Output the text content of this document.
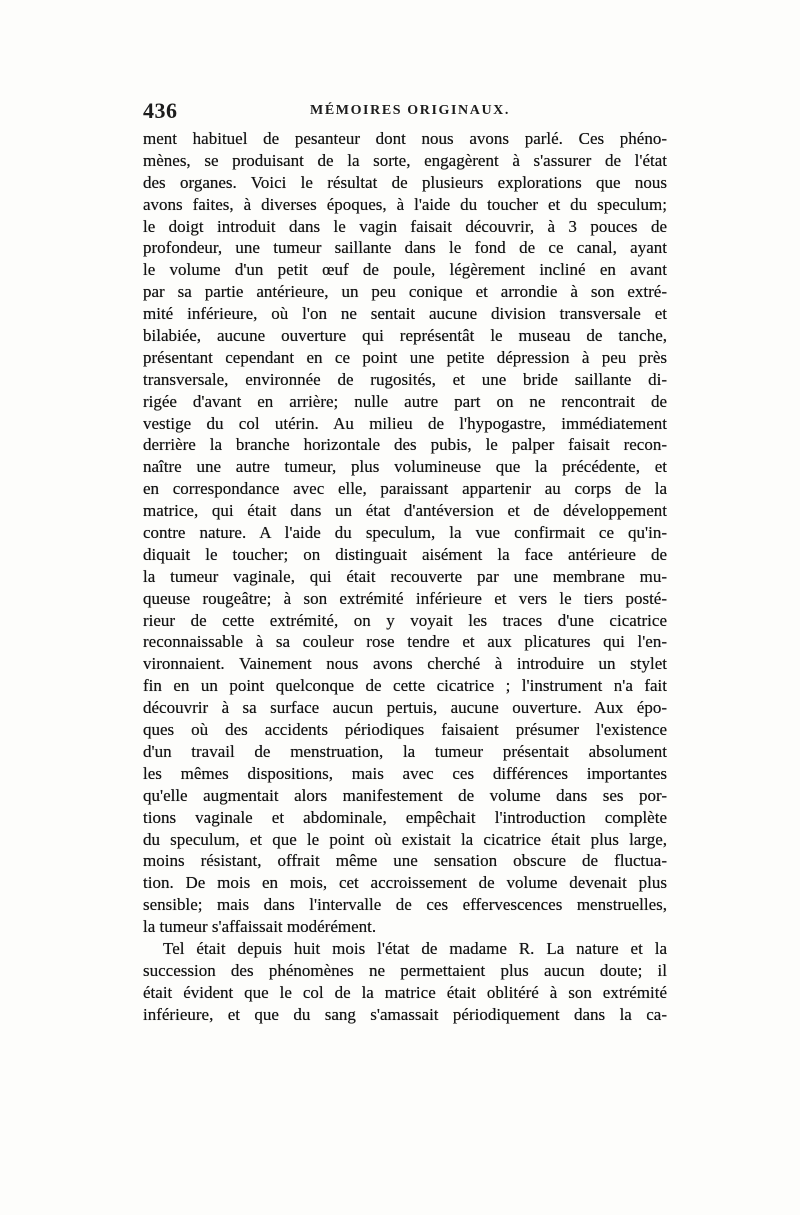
436	MÉMOIRES ORIGINAUX.
ment habituel de pesanteur dont nous avons parlé. Ces phéno-
mènes, se produisant de la sorte, engagèrent à s'assurer de l'état
des organes. Voici le résultat de plusieurs explorations que nous
avons faites, à diverses époques, à l'aide du toucher et du speculum;
le doigt introduit dans le vagin faisait découvrir, à 3 pouces de
profondeur, une tumeur saillante dans le fond de ce canal, ayant
le volume d'un petit œuf de poule, légèrement incliné en avant
par sa partie antérieure, un peu conique et arrondie à son extré-
mité inférieure, où l'on ne sentait aucune division transversale et
bilabiée, aucune ouverture qui représentât le museau de tanche,
présentant cependant en ce point une petite dépression à peu près
transversale, environnée de rugosités, et une bride saillante di-
rigée d'avant en arrière; nulle autre part on ne rencontrait de
vestige du col utérin. Au milieu de l'hypogastre, immédiatement
derrière la branche horizontale des pubis, le palper faisait recon-
naître une autre tumeur, plus volumineuse que la précédente, et
en correspondance avec elle, paraissant appartenir au corps de la
matrice, qui était dans un état d'antéversion et de développement
contre nature. A l'aide du speculum, la vue confirmait ce qu'in-
diquait le toucher; on distinguait aisément la face antérieure de
la tumeur vaginale, qui était recouverte par une membrane mu-
queuse rougeâtre; à son extrémité inférieure et vers le tiers posté-
rieur de cette extrémité, on y voyait les traces d'une cicatrice
reconnaissable à sa couleur rose tendre et aux plicatures qui l'en-
vironnaient. Vainement nous avons cherché à introduire un stylet
fin en un point quelconque de cette cicatrice ; l'instrument n'a fait
découvrir à sa surface aucun pertuis, aucune ouverture. Aux épo-
ques où des accidents périodiques faisaient présumer l'existence
d'un travail de menstruation, la tumeur présentait absolument
les mêmes dispositions, mais avec ces différences importantes
qu'elle augmentait alors manifestement de volume dans ses por-
tions vaginale et abdominale, empêchait l'introduction complète
du speculum, et que le point où existait la cicatrice était plus large,
moins résistant, offrait même une sensation obscure de fluctua-
tion. De mois en mois, cet accroissement de volume devenait plus
sensible; mais dans l'intervalle de ces effervescences menstruelles,
la tumeur s'affaissait modérément.
Tel était depuis huit mois l'état de madame R. La nature et la
succession des phénomènes ne permettaient plus aucun doute; il
était évident que le col de la matrice était oblitéré à son extrémité
inférieure, et que du sang s'amassait périodiquement dans la ca-
